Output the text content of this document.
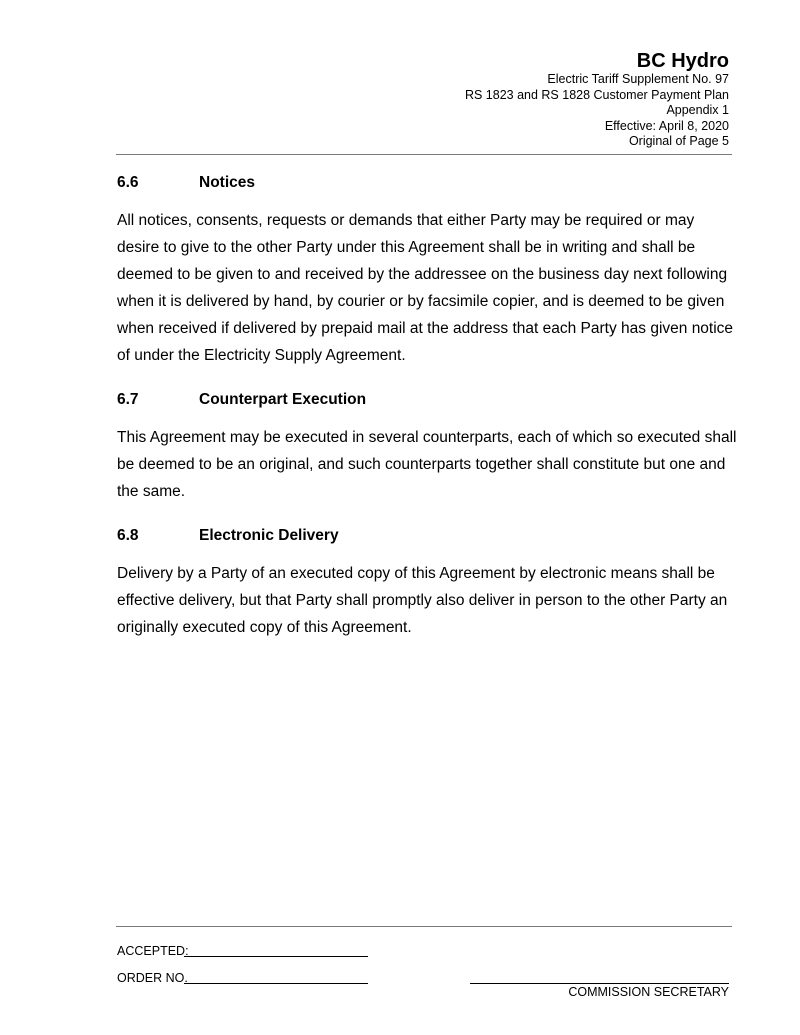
BC Hydro
Electric Tariff Supplement No. 97
RS 1823 and RS 1828 Customer Payment Plan
Appendix 1
Effective: April 8, 2020
Original of Page 5
6.6	Notices
All notices, consents, requests or demands that either Party may be required or may desire to give to the other Party under this Agreement shall be in writing and shall be deemed to be given to and received by the addressee on the business day next following when it is delivered by hand, by courier or by facsimile copier, and is deemed to be given when received if delivered by prepaid mail at the address that each Party has given notice of under the Electricity Supply Agreement.
6.7	Counterpart Execution
This Agreement may be executed in several counterparts, each of which so executed shall be deemed to be an original, and such counterparts together shall constitute but one and the same.
6.8	Electronic Delivery
Delivery by a Party of an executed copy of this Agreement by electronic means shall be effective delivery, but that Party shall promptly also deliver in person to the other Party an originally executed copy of this Agreement.
ACCEPTED:
ORDER NO.
COMMISSION SECRETARY
